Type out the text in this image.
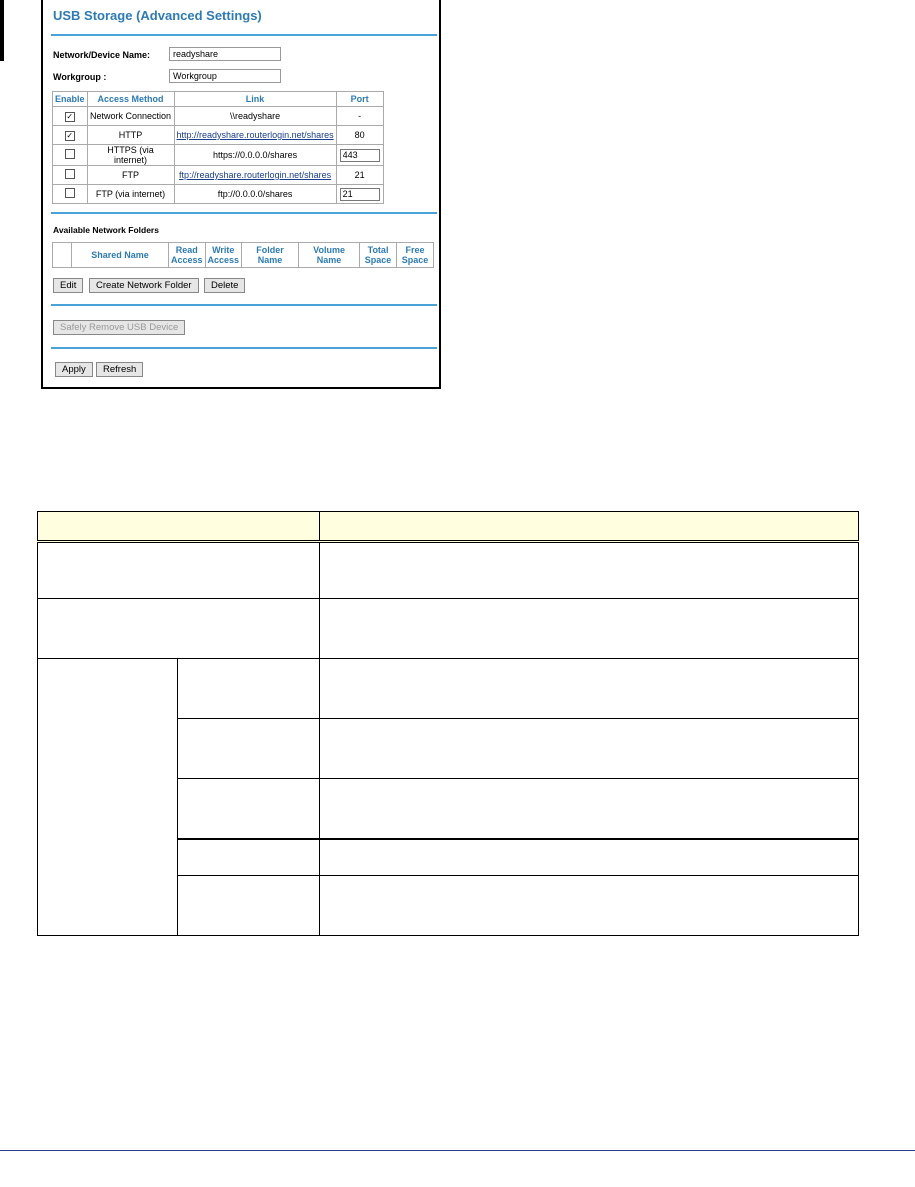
USB Storage (Advanced Settings)
Network/Device Name:
readyshare
Workgroup :
Workgroup
Enable	Access Method	Link	Port
✓	Network Connection	\\readyshare	-
✓	HTTP	http://readyshare.routerlogin.net/shares	80
	HTTPS (via internet)	https://0.0.0.0/shares	443
	FTP	ftp://readyshare.routerlogin.net/shares	21
	FTP (via internet)	ftp://0.0.0.0/shares	21
Available Network Folders
	Shared Name	Read Access	Write Access	Folder Name	Volume Name	Total Space	Free Space
Edit	Create Network Folder	Delete
Safely Remove USB Device
Apply	Refresh
